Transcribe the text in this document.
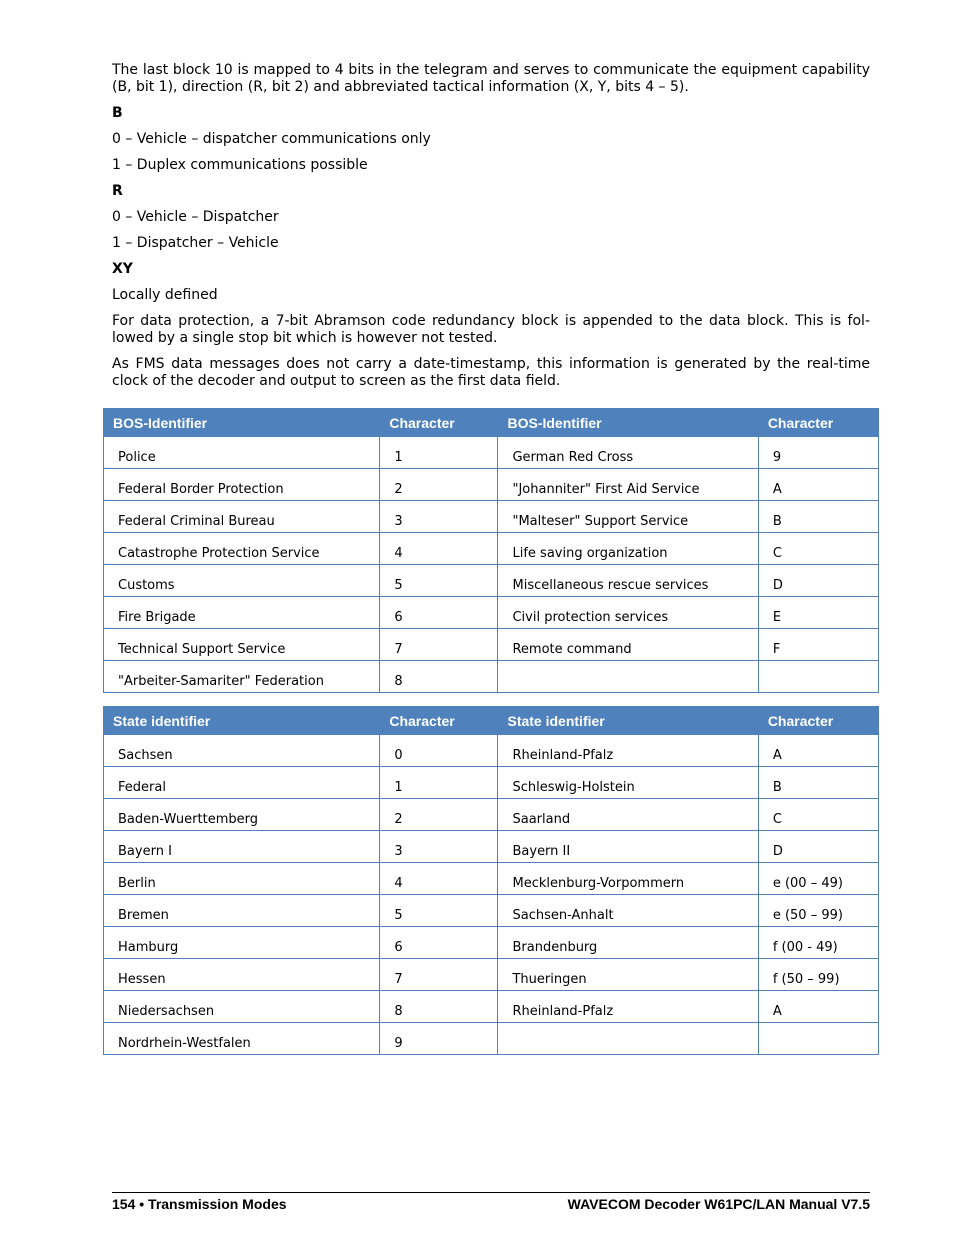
The last block 10 is mapped to 4 bits in the telegram and serves to communicate the equipment capability (B, bit 1), direction (R, bit 2) and abbreviated tactical information (X, Y, bits 4 – 5).

B

0 – Vehicle – dispatcher communications only

1 – Duplex communications possible

R

0 – Vehicle – Dispatcher

1 – Dispatcher – Vehicle

XY

Locally defined

For data protection, a 7-bit Abramson code redundancy block is appended to the data block. This is fol-lowed by a single stop bit which is however not tested.

As FMS data messages does not carry a date-timestamp, this information is generated by the real-time clock of the decoder and output to screen as the first data field.

BOS-Identifier	Character	BOS-Identifier	Character
Police	1	German Red Cross	9
Federal Border Protection	2	"Johanniter" First Aid Service	A
Federal Criminal Bureau	3	"Malteser" Support Service	B
Catastrophe Protection Service	4	Life saving organization	C
Customs	5	Miscellaneous rescue services	D
Fire Brigade	6	Civil protection services	E
Technical Support Service	7	Remote command	F
"Arbeiter-Samariter" Federation	8		
State identifier	Character	State identifier	Character
Sachsen	0	Rheinland-Pfalz	A
Federal	1	Schleswig-Holstein	B
Baden-Wuerttemberg	2	Saarland	C
Bayern I	3	Bayern II	D
Berlin	4	Mecklenburg-Vorpommern	e (00 – 49)
Bremen	5	Sachsen-Anhalt	e (50 – 99)
Hamburg	6	Brandenburg	f (00 - 49)
Hessen	7	Thueringen	f (50 – 99)
Niedersachsen	8	Rheinland-Pfalz	A
Nordrhein-Westfalen	9		
154 • Transmission Modes	WAVECOM Decoder W61PC/LAN Manual V7.5
